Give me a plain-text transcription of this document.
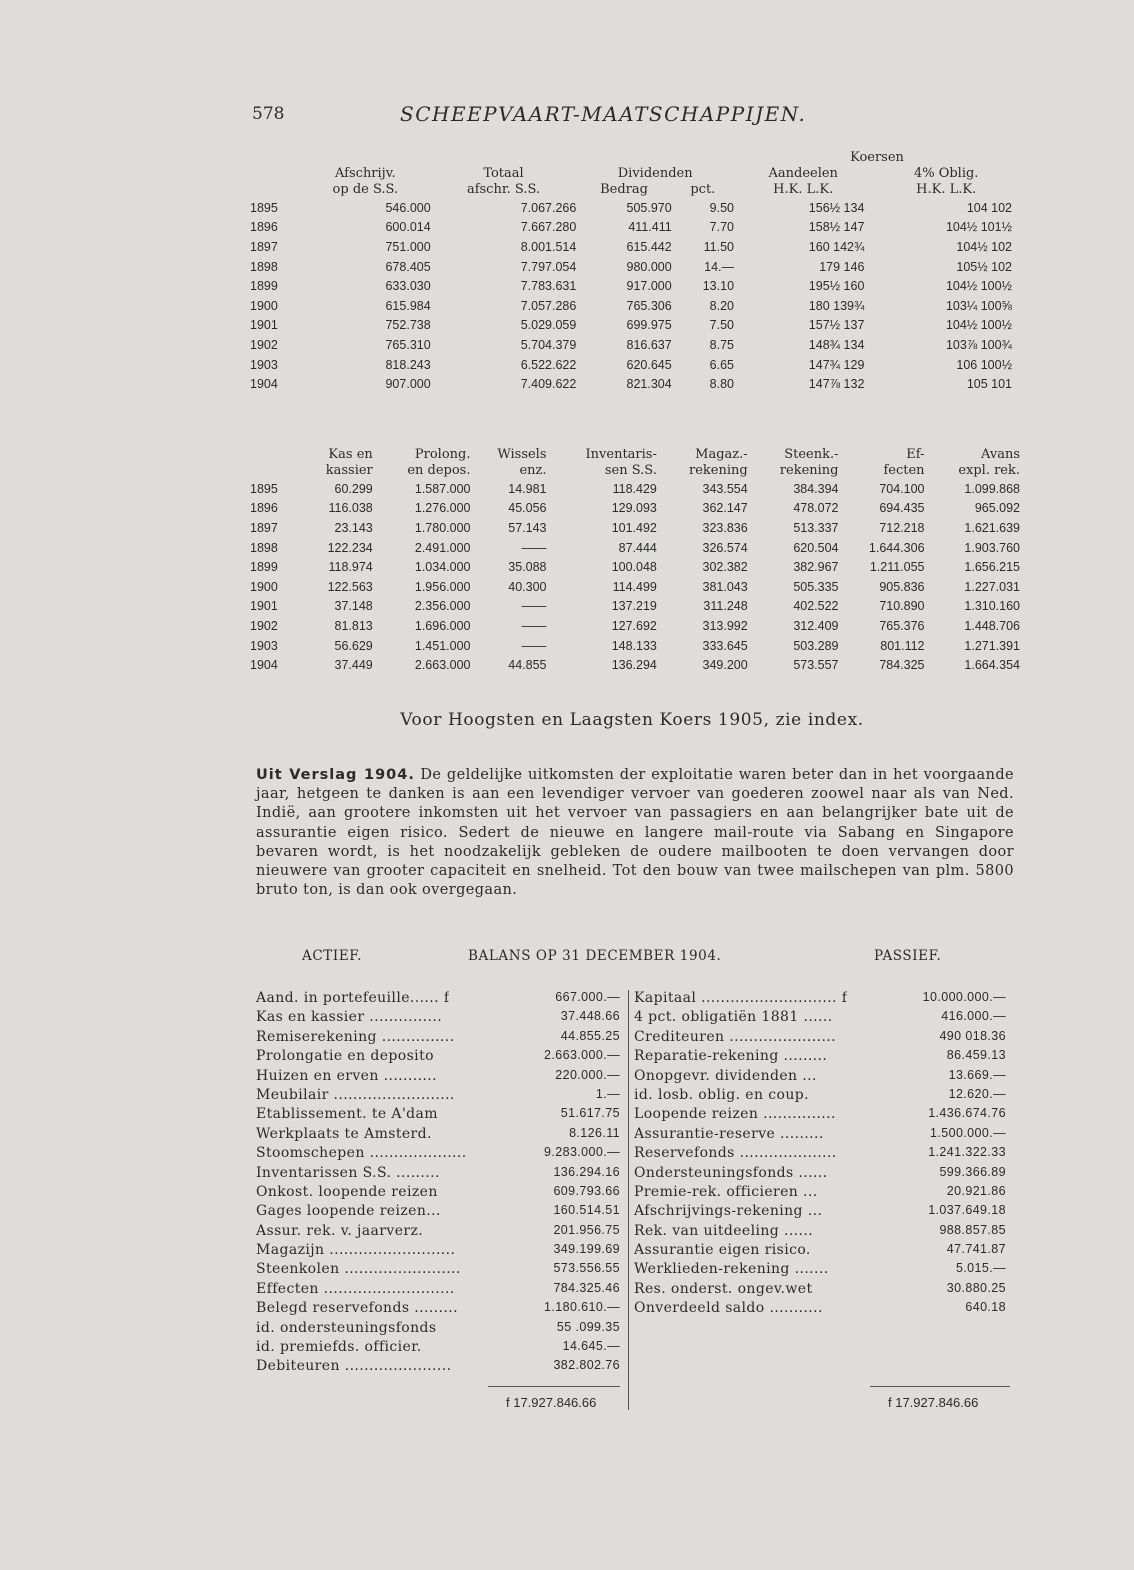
578	SCHEEPVAART-MAATSCHAPPIJEN.
					Koersen	
	Afschrijv.	Totaal	Dividenden		Aandeelen	4% Oblig.
	op de S.S.	afschr. S.S.	Bedrag	pct.	H.K. L.K.	H.K. L.K.
1895	546.000	7.067.266	505.970	9.50	156½ 134	104 102
1896	600.014	7.667.280	411.411	7.70	158½ 147	104½ 101½
1897	751.000	8.001.514	615.442	11.50	160 142¾	104½ 102
1898	678.405	7.797.054	980.000	14.—	179 146	105½ 102
1899	633.030	7.783.631	917.000	13.10	195½ 160	104½ 100½
1900	615.984	7.057.286	765.306	8.20	180 139¾	103¼ 100⅝
1901	752.738	5.029.059	699.975	7.50	157½ 137	104½ 100½
1902	765.310	5.704.379	816.637	8.75	148¾ 134	103⅞ 100¾
1903	818.243	6.522.622	620.645	6.65	147¾ 129	106 100½
1904	907.000	7.409.622	821.304	8.80	147⅞ 132	105 101
	Kas en	Prolong.	Wissels	Inventaris-	Magaz.-	Steenk.-	Ef-	Avans
	kassier	en depos.	enz.	sen S.S.	rekening	rekening	fecten	expl. rek.
1895	60.299	1.587.000	14.981	118.429	343.554	384.394	704.100	1.099.868
1896	116.038	1.276.000	45.056	129.093	362.147	478.072	694.435	965.092
1897	23.143	1.780.000	57.143	101.492	323.836	513.337	712.218	1.621.639
1898	122.234	2.491.000	——	87.444	326.574	620.504	1.644.306	1.903.760
1899	118.974	1.034.000	35.088	100.048	302.382	382.967	1.211.055	1.656.215
1900	122.563	1.956.000	40.300	114.499	381.043	505.335	905.836	1.227.031
1901	37.148	2.356.000	——	137.219	311.248	402.522	710.890	1.310.160
1902	81.813	1.696.000	——	127.692	313.992	312.409	765.376	1.448.706
1903	56.629	1.451.000	——	148.133	333.645	503.289	801.112	1.271.391
1904	37.449	2.663.000	44.855	136.294	349.200	573.557	784.325	1.664.354
Voor Hoogsten en Laagsten Koers 1905, zie index.
Uit Verslag 1904. De geldelijke uitkomsten der exploitatie waren beter dan in het voorgaande jaar, hetgeen te danken is aan een levendiger vervoer van goederen zoowel naar als van Ned. Indië, aan grootere inkomsten uit het vervoer van passagiers en aan belangrijker bate uit de assurantie eigen risico. Sedert de nieuwe en langere mail-route via Sabang en Singapore bevaren wordt, is het noodzakelijk gebleken de oudere mailbooten te doen vervangen door nieuwere van grooter capaciteit en snelheid. Tot den bouw van twee mailschepen van plm. 5800 bruto ton, is dan ook overgegaan.
ACTIEF.	BALANS OP 31 DECEMBER 1904.	PASSIEF.
Aand. in portefeuille...... f	667.000.—
Kas en kassier ...............	37.448.66
Remiserekening ...............	44.855.25
Prolongatie en deposito	2.663.000.—
Huizen en erven ...........	220.000.—
Meubilair .........................	1.—
Etablissement. te A'dam	51.617.75
Werkplaats te Amsterd.	8.126.11
Stoomschepen ....................	9.283.000.—
Inventarissen S.S. .........	136.294.16
Onkost. loopende reizen	609.793.66
Gages loopende reizen...	160.514.51
Assur. rek. v. jaarverz.	201.956.75
Magazijn ..........................	349.199.69
Steenkolen ........................	573.556.55
Effecten ...........................	784.325.46
Belegd reservefonds .........	1.180.610.—
id. ondersteuningsfonds	55 .099.35
id. premiefds. officier.	14.645.—
Debiteuren ......................	382.802.76
Kapitaal ............................ f	10.000.000.—
4 pct. obligatiën 1881 ......	416.000.—
Crediteuren ......................	490 018.36
Reparatie-rekening .........	86.459.13
Onopgevr. dividenden ...	13.669.—
id. losb. oblig. en coup.	12.620.—
Loopende reizen ...............	1.436.674.76
Assurantie-reserve .........	1.500.000.—
Reservefonds ....................	1.241.322.33
Ondersteuningsfonds ......	599.366.89
Premie-rek. officieren ...	20.921.86
Afschrijvings-rekening ...	1.037.649.18
Rek. van uitdeeling ......	988.857.85
Assurantie eigen risico.	47.741.87
Werklieden-rekening .......	5.015.—
Res. onderst. ongev.wet	30.880.25
Onverdeeld saldo ...........	640.18
f 17.927.846.66	f 17.927.846.66
